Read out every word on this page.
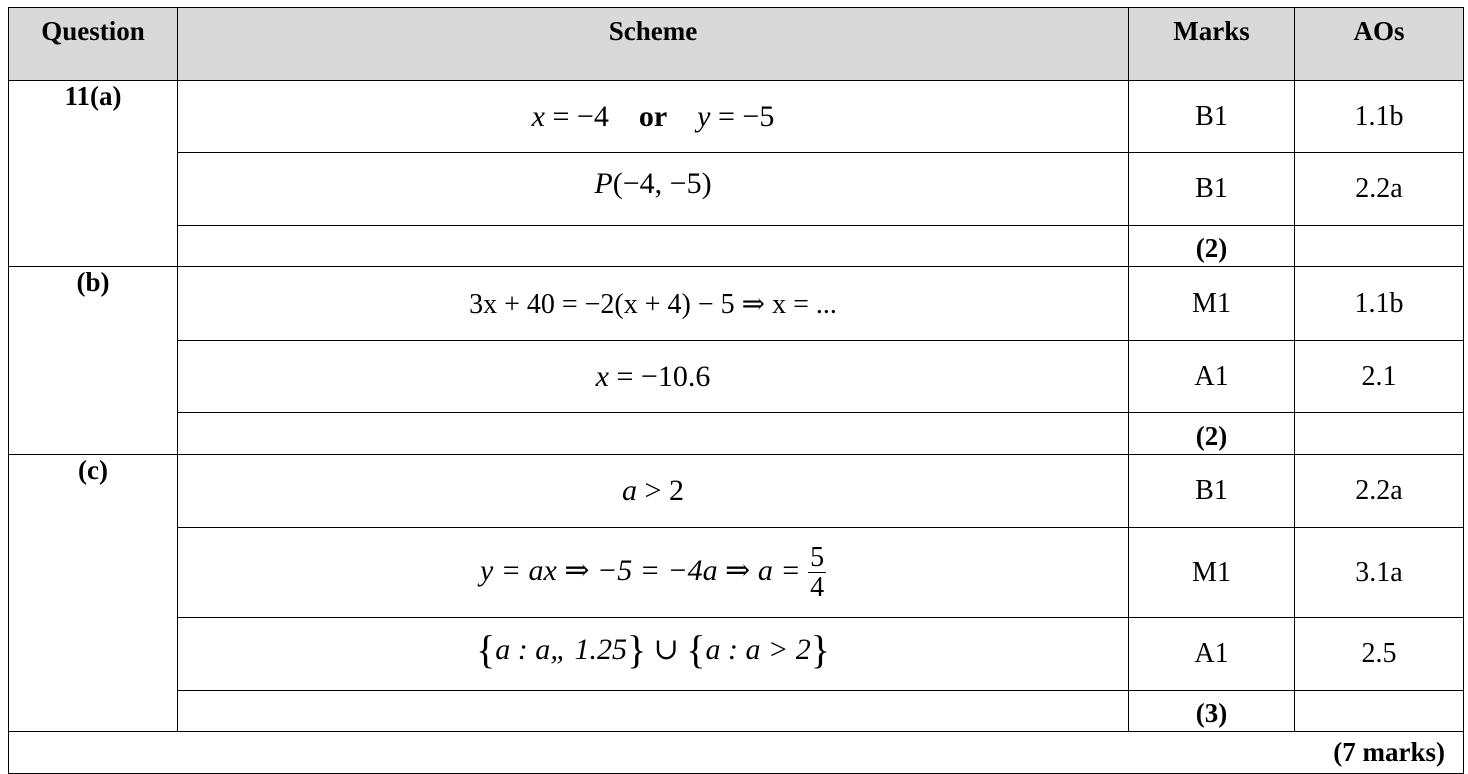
Question	Scheme	Marks	AOs
11(a)	x = −4 or y = −5	B1	1.1b
	P(−4, −5)	B1	2.2a
		(2)	
(b)	3x + 40 = −2(x + 4) − 5 ⇒ x = ...	M1	1.1b
	x = −10.6	A1	2.1
		(2)	
(c)	a > 2	B1	2.2a
	y = ax ⇒ −5 = −4a ⇒ $a = \frac{5}{4}$	M1	3.1a
	{a : a„ 1.25} ∪ {a : a > 2}	A1	2.5
		(3)	
(7 marks)			
